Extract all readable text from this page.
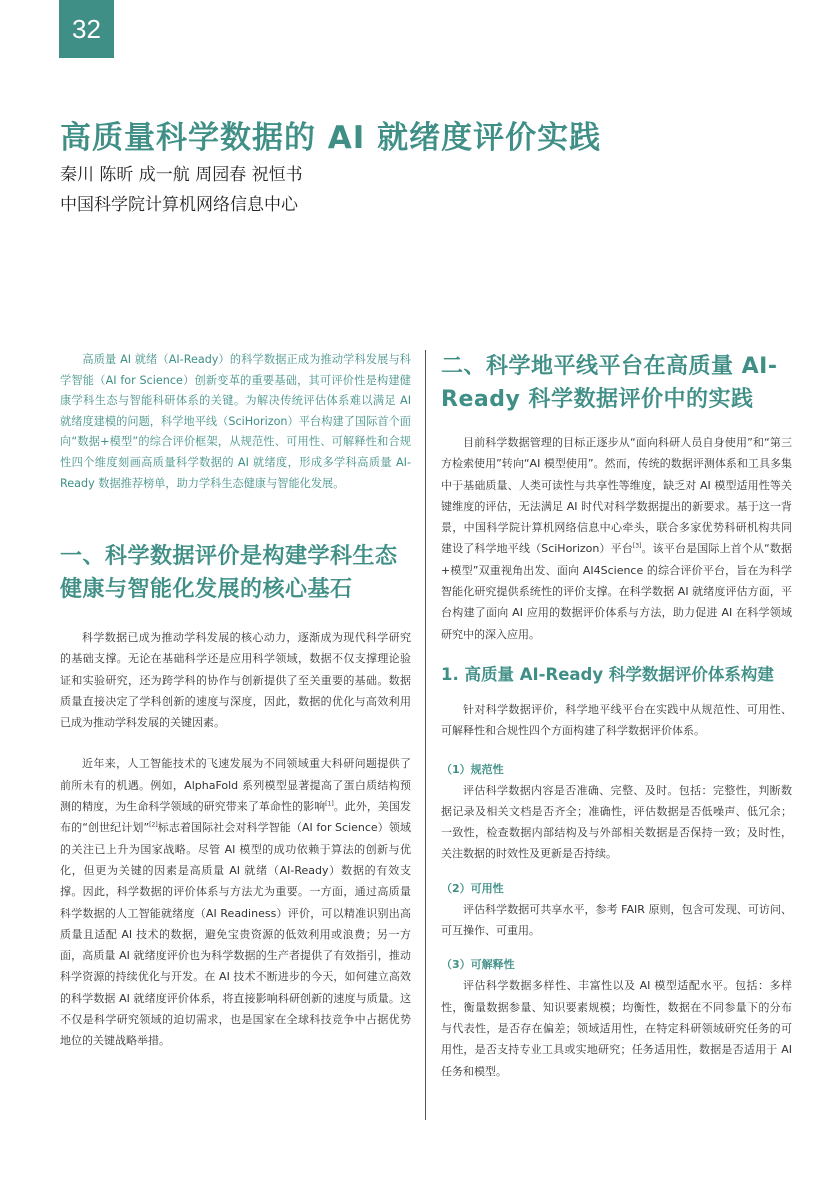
32
高质量科学数据的 AI 就绪度评价实践
秦川 陈昕 成一航 周园春 祝恒书
中国科学院计算机网络信息中心

高质量 AI 就绪（AI-Ready）的科学数据正成为推动学科发展与科学智能（AI for Science）创新变革的重要基础，其可评价性是构建健康学科生态与智能科研体系的关键。为解决传统评估体系难以满足 AI 就绪度建模的问题，科学地平线（SciHorizon）平台构建了国际首个面向“数据+模型”的综合评价框架，从规范性、可用性、可解释性和合规性四个维度刻画高质量科学数据的 AI 就绪度，形成多学科高质量 AI-Ready 数据推荐榜单，助力学科生态健康与智能化发展。

一、科学数据评价是构建学科生态健康与智能化发展的核心基石

科学数据已成为推动学科发展的核心动力，逐渐成为现代科学研究的基础支撑。无论在基础科学还是应用科学领域，数据不仅支撑理论验证和实验研究，还为跨学科的协作与创新提供了至关重要的基础。数据质量直接决定了学科创新的速度与深度，因此，数据的优化与高效利用已成为推动学科发展的关键因素。

近年来，人工智能技术的飞速发展为不同领域重大科研问题提供了前所未有的机遇。例如，AlphaFold 系列模型显著提高了蛋白质结构预测的精度，为生命科学领域的研究带来了革命性的影响[1]。此外，美国发布的“创世纪计划”[2]标志着国际社会对科学智能（AI for Science）领域的关注已上升为国家战略。尽管 AI 模型的成功依赖于算法的创新与优化，但更为关键的因素是高质量 AI 就绪（AI-Ready）数据的有效支撑。因此，科学数据的评价体系与方法尤为重要。一方面，通过高质量科学数据的人工智能就绪度（AI Readiness）评价，可以精准识别出高质量且适配 AI 技术的数据，避免宝贵资源的低效利用或浪费；另一方面，高质量 AI 就绪度评价也为科学数据的生产者提供了有效指引，推动科学资源的持续优化与开发。在 AI 技术不断进步的今天，如何建立高效的科学数据 AI 就绪度评价体系，将直接影响科研创新的速度与质量。这不仅是科学研究领域的迫切需求，也是国家在全球科技竞争中占据优势地位的关键战略举措。

二、科学地平线平台在高质量 AI-Ready 科学数据评价中的实践

目前科学数据管理的目标正逐步从“面向科研人员自身使用”和“第三方检索使用”转向“AI 模型使用”。然而，传统的数据评测体系和工具多集中于基础质量、人类可读性与共享性等维度，缺乏对 AI 模型适用性等关键维度的评估，无法满足 AI 时代对科学数据提出的新要求。基于这一背景，中国科学院计算机网络信息中心牵头，联合多家优势科研机构共同建设了科学地平线（SciHorizon）平台[3]。该平台是国际上首个从“数据+模型”双重视角出发、面向 AI4Science 的综合评价平台，旨在为科学智能化研究提供系统性的评价支撑。在科学数据 AI 就绪度评估方面，平台构建了面向 AI 应用的数据评价体系与方法，助力促进 AI 在科学领域研究中的深入应用。

1. 高质量 AI-Ready 科学数据评价体系构建

针对科学数据评价，科学地平线平台在实践中从规范性、可用性、可解释性和合规性四个方面构建了科学数据评价体系。

（1）规范性

评估科学数据内容是否准确、完整、及时。包括：完整性，判断数据记录及相关文档是否齐全；准确性，评估数据是否低噪声、低冗余；一致性，检查数据内部结构及与外部相关数据是否保持一致；及时性，关注数据的时效性及更新是否持续。

（2）可用性

评估科学数据可共享水平，参考 FAIR 原则，包含可发现、可访问、可互操作、可重用。

（3）可解释性

评估科学数据多样性、丰富性以及 AI 模型适配水平。包括：多样性，衡量数据参量、知识要素规模；均衡性，数据在不同参量下的分布与代表性，是否存在偏差；领域适用性，在特定科研领域研究任务的可用性，是否支持专业工具或实地研究；任务适用性，数据是否适用于 AI 任务和模型。
